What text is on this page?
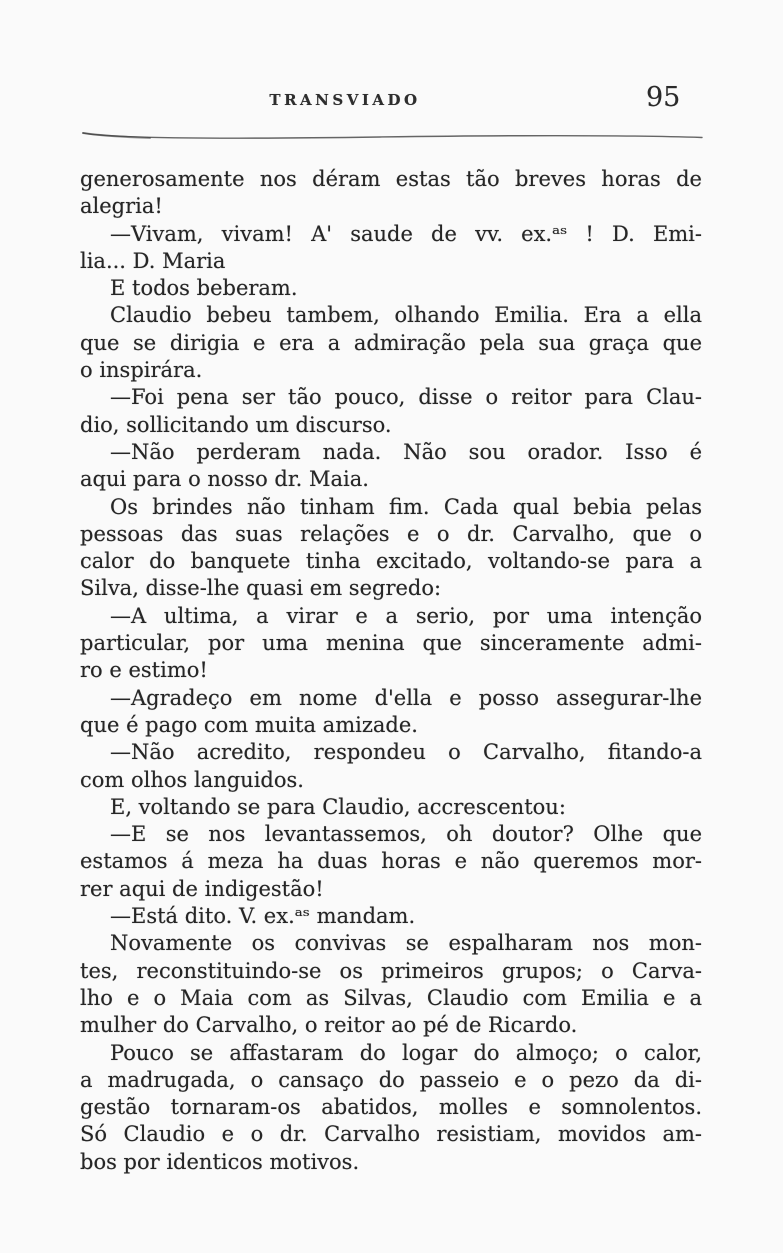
TRANSVIADO	95
generosamente nos déram estas tão breves horas de
alegria!
—Vivam, vivam! A' saude de vv. ex.ᵃˢ ! D. Emi-
lia... D. Maria
E todos beberam.
Claudio bebeu tambem, olhando Emilia. Era a ella
que se dirigia e era a admiração pela sua graça que
o inspirára.
—Foi pena ser tão pouco, disse o reitor para Clau-
dio, sollicitando um discurso.
—Não perderam nada. Não sou orador. Isso é
aqui para o nosso dr. Maia.
Os brindes não tinham fim. Cada qual bebia pelas
pessoas das suas relações e o dr. Carvalho, que o
calor do banquete tinha excitado, voltando-se para a
Silva, disse-lhe quasi em segredo:
—A ultima, a virar e a serio, por uma intenção
particular, por uma menina que sinceramente admi-
ro e estimo!
—Agradeço em nome d'ella e posso assegurar-lhe
que é pago com muita amizade.
—Não acredito, respondeu o Carvalho, fitando-a
com olhos languidos.
E, voltando se para Claudio, accrescentou:
—E se nos levantassemos, oh doutor? Olhe que
estamos á meza ha duas horas e não queremos mor-
rer aqui de indigestão!
—Está dito. V. ex.ᵃˢ mandam.
Novamente os convivas se espalharam nos mon-
tes, reconstituindo-se os primeiros grupos; o Carva-
lho e o Maia com as Silvas, Claudio com Emilia e a
mulher do Carvalho, o reitor ao pé de Ricardo.
Pouco se affastaram do logar do almoço; o calor,
a madrugada, o cansaço do passeio e o pezo da di-
gestão tornaram-os abatidos, molles e somnolentos.
Só Claudio e o dr. Carvalho resistiam, movidos am-
bos por identicos motivos.
